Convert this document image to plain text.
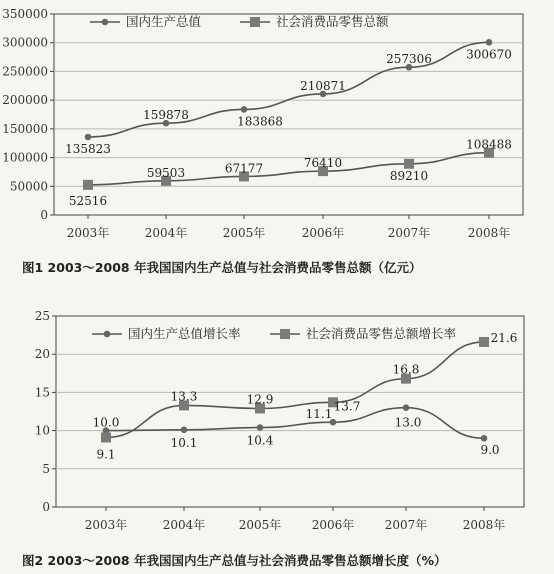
0
50000
100000
150000
200000
250000
300000
350000
2003年	2004年	2005年	2006年	2007年	2008年
135823
159878	183868
210871
257306	300670
国内生产总值
52516
59503	67177	76410
89210
108488
社会消费品零售总额
图1 2003～2008 年我国国内生产总值与社会消费品零售总额（亿元）
0
5
10
15
20
25
2003年	2004年	2005年	2006年	2007年	2008年
10.0
10.1	10.4
11.1
13.0
9.0
国内生产总值增长率
9.1
13.3	12.9	13.7
16.8
21.6
社会消费品零售总额增长率
图2 2003～2008 年我国国内生产总值与社会消费品零售总额增长度（%）
